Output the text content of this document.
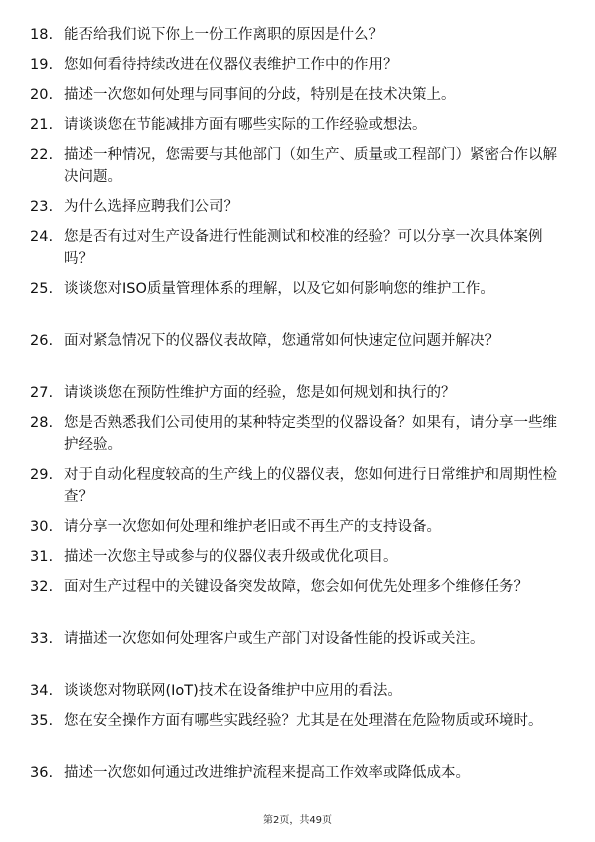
18. 能否给我们说下你上一份工作离职的原因是什么？
19. 您如何看待持续改进在仪器仪表维护工作中的作用？
20. 描述一次您如何处理与同事间的分歧，特别是在技术决策上。
21. 请谈谈您在节能减排方面有哪些实际的工作经验或想法。
22. 描述一种情况，您需要与其他部门（如生产、质量或工程部门）紧密合作以解决问题。
23. 为什么选择应聘我们公司？
24. 您是否有过对生产设备进行性能测试和校准的经验？可以分享一次具体案例吗？
25. 谈谈您对ISO质量管理体系的理解，以及它如何影响您的维护工作。
26. 面对紧急情况下的仪器仪表故障，您通常如何快速定位问题并解决？
27. 请谈谈您在预防性维护方面的经验，您是如何规划和执行的？
28. 您是否熟悉我们公司使用的某种特定类型的仪器设备？如果有，请分享一些维护经验。
29. 对于自动化程度较高的生产线上的仪器仪表，您如何进行日常维护和周期性检查？
30. 请分享一次您如何处理和维护老旧或不再生产的支持设备。
31. 描述一次您主导或参与的仪器仪表升级或优化项目。
32. 面对生产过程中的关键设备突发故障，您会如何优先处理多个维修任务？
33. 请描述一次您如何处理客户或生产部门对设备性能的投诉或关注。
34. 谈谈您对物联网(IoT)技术在设备维护中应用的看法。
35. 您在安全操作方面有哪些实践经验？尤其是在处理潜在危险物质或环境时。
36. 描述一次您如何通过改进维护流程来提高工作效率或降低成本。
第2页，共49页
